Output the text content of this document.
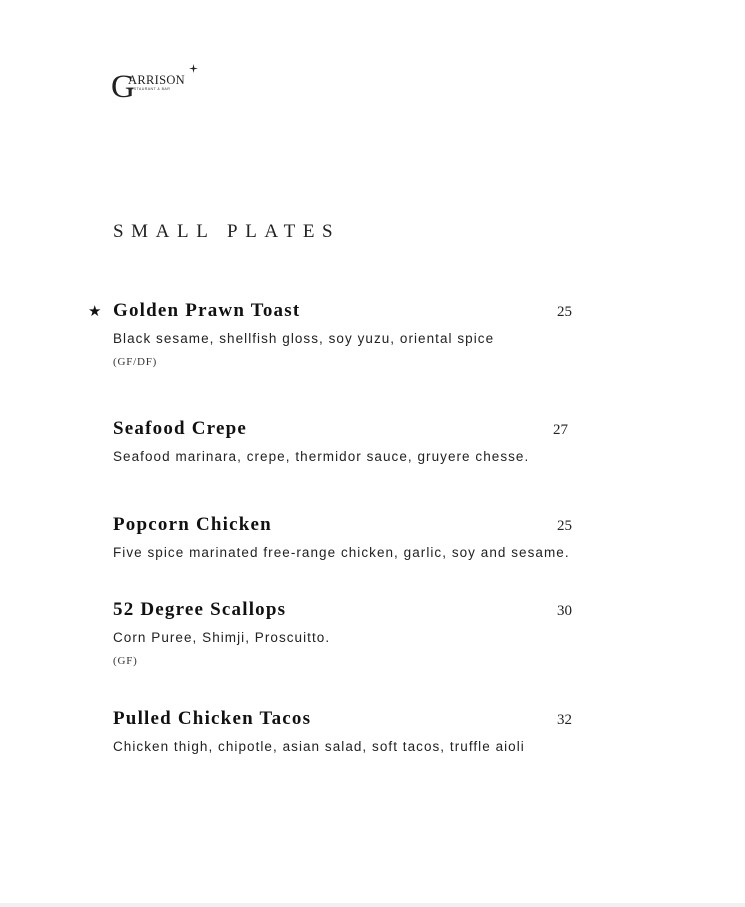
G
ARRISON
RESTAURANT & BAR
SMALL PLATES
★ Golden Prawn Toast	25
Black sesame, shellfish gloss, soy yuzu, oriental spice
(GF/DF)
Seafood Crepe	27
Seafood marinara, crepe, thermidor sauce, gruyere chesse.
Popcorn Chicken	25
Five spice marinated free-range chicken, garlic, soy and sesame.
52 Degree Scallops	30
Corn Puree, Shimji, Proscuitto.
(GF)
Pulled Chicken Tacos	32
Chicken thigh, chipotle, asian salad, soft tacos, truffle aioli
